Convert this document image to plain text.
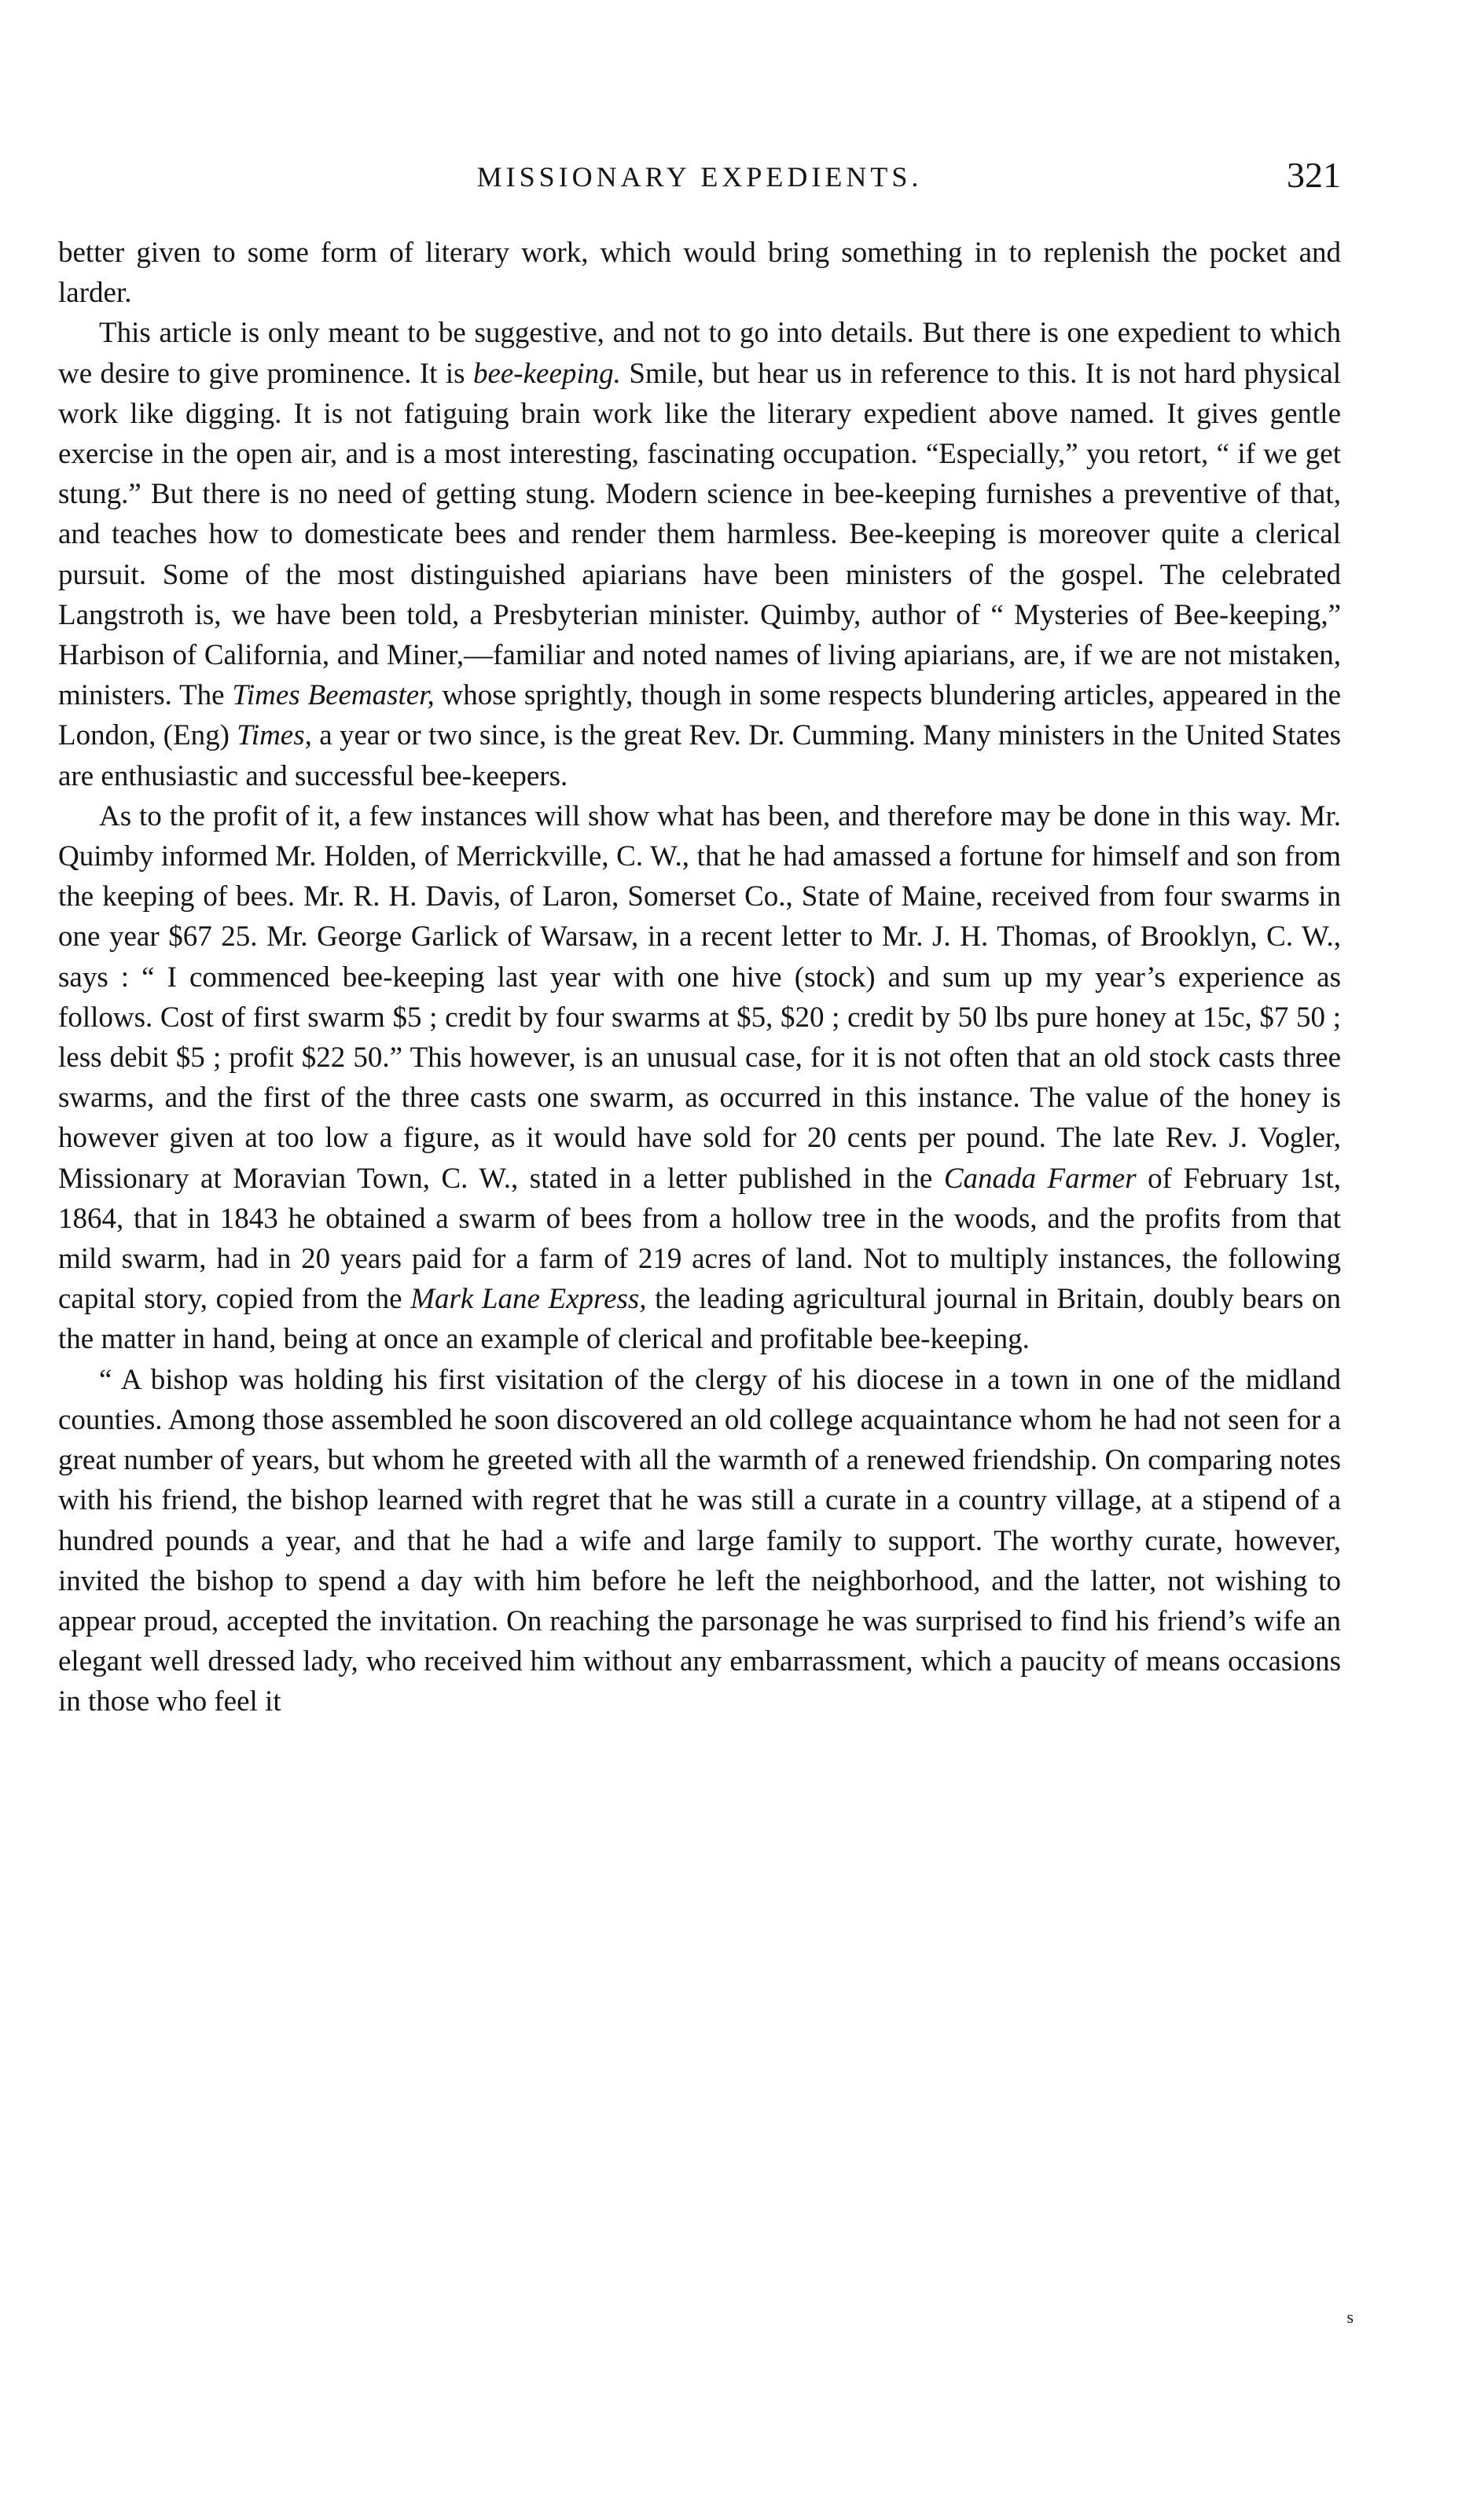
MISSIONARY EXPEDIENTS.	321

better given to some form of literary work, which would bring something in to replenish the pocket and larder.

This article is only meant to be suggestive, and not to go into details. But there is one expedient to which we desire to give prominence. It is bee-keeping. Smile, but hear us in reference to this. It is not hard physical work like digging. It is not fatiguing brain work like the literary expedient above named. It gives gentle exercise in the open air, and is a most interesting, fascinating occupation. “Especially,” you retort, “ if we get stung.” But there is no need of getting stung. Modern science in bee-keeping furnishes a preventive of that, and teaches how to domesticate bees and render them harmless. Bee-keeping is moreover quite a clerical pursuit. Some of the most distinguished apiarians have been ministers of the gospel. The celebrated Langstroth is, we have been told, a Presbyterian minister. Quimby, author of “ Mysteries of Bee-keeping,” Harbison of California, and Miner,—familiar and noted names of living apiarians, are, if we are not mistaken, ministers. The Times Beemaster, whose sprightly, though in some respects blundering articles, appeared in the London, (Eng) Times, a year or two since, is the great Rev. Dr. Cumming. Many ministers in the United States are enthusiastic and successful bee-keepers.

As to the profit of it, a few instances will show what has been, and therefore may be done in this way. Mr. Quimby informed Mr. Holden, of Merrickville, C. W., that he had amassed a fortune for himself and son from the keeping of bees. Mr. R. H. Davis, of Laron, Somerset Co., State of Maine, received from four swarms in one year $67 25. Mr. George Garlick of Warsaw, in a recent letter to Mr. J. H. Thomas, of Brooklyn, C. W., says : “ I commenced bee-keeping last year with one hive (stock) and sum up my year’s experience as follows. Cost of first swarm $5 ; credit by four swarms at $5, $20 ; credit by 50 lbs pure honey at 15c, $7 50 ; less debit $5 ; profit $22 50.” This however, is an unusual case, for it is not often that an old stock casts three swarms, and the first of the three casts one swarm, as occurred in this instance. The value of the honey is however given at too low a figure, as it would have sold for 20 cents per pound. The late Rev. J. Vogler, Missionary at Moravian Town, C. W., stated in a letter published in the Canada Farmer of February 1st, 1864, that in 1843 he obtained a swarm of bees from a hollow tree in the woods, and the profits from that mild swarm, had in 20 years paid for a farm of 219 acres of land. Not to multiply instances, the following capital story, copied from the Mark Lane Express, the leading agricultural journal in Britain, doubly bears on the matter in hand, being at once an example of clerical and profitable bee-keeping.

“ A bishop was holding his first visitation of the clergy of his diocese in a town in one of the midland counties. Among those assembled he soon discovered an old college acquaintance whom he had not seen for a great number of years, but whom he greeted with all the warmth of a renewed friendship. On comparing notes with his friend, the bishop learned with regret that he was still a curate in a country village, at a stipend of a hundred pounds a year, and that he had a wife and large family to support. The worthy curate, however, invited the bishop to spend a day with him before he left the neighborhood, and the latter, not wishing to appear proud, accepted the invitation. On reaching the parsonage he was surprised to find his friend’s wife an elegant well dressed lady, who received him without any embarrassment, which a paucity of means occasions in those who feel it

s
